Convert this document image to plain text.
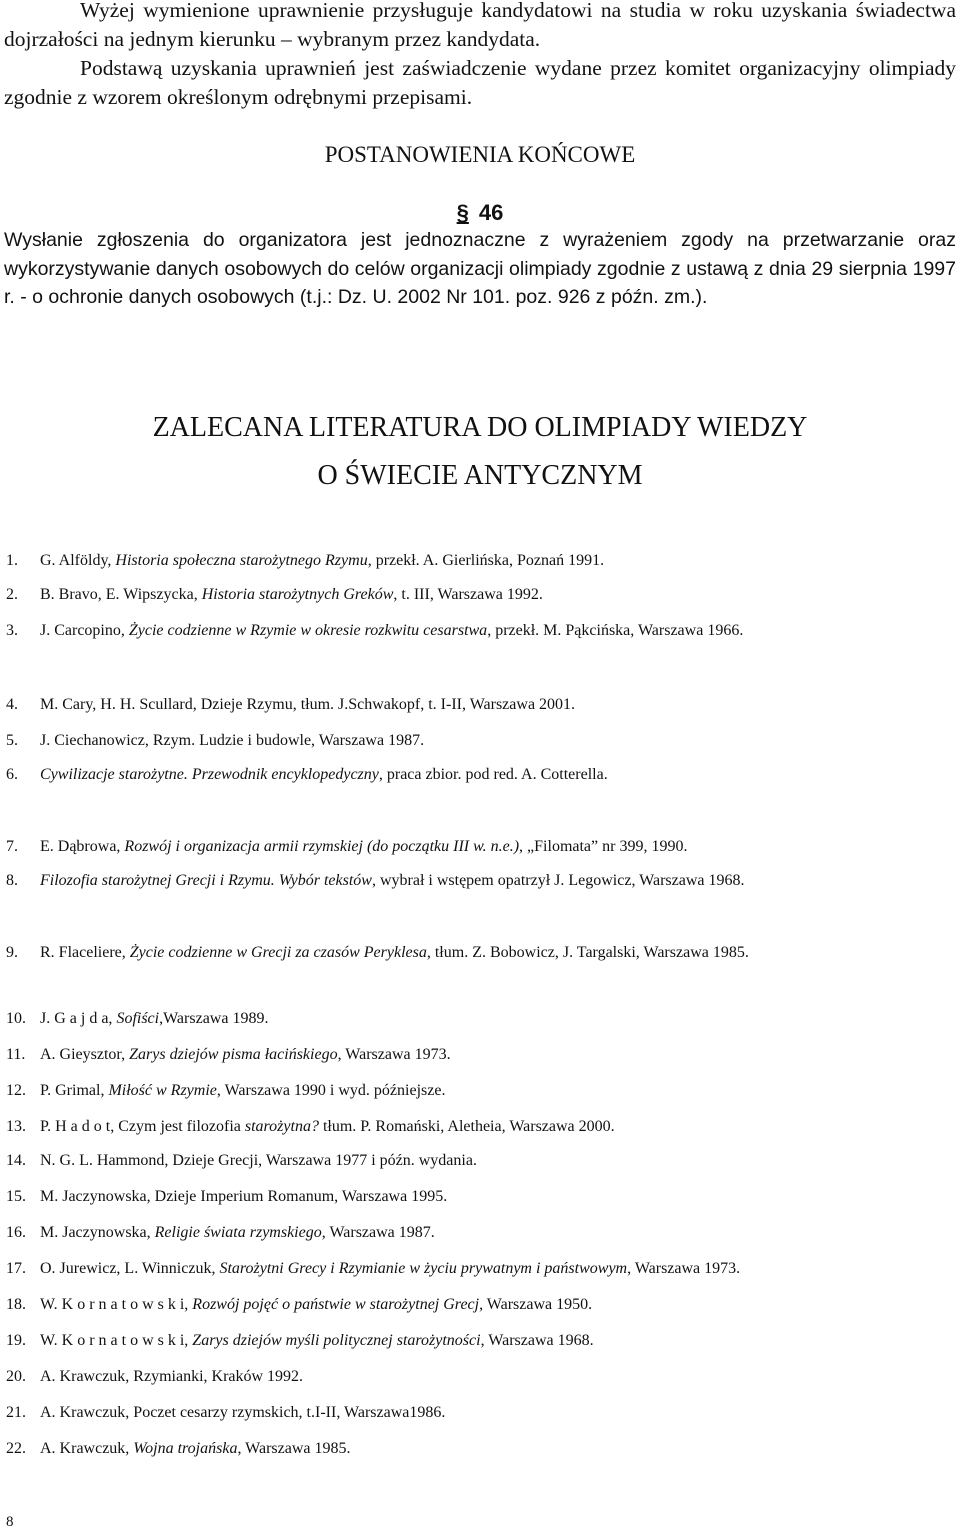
Wyżej wymienione uprawnienie przysługuje kandydatowi na studia w roku uzyskania świadectwa dojrzałości na jednym kierunku – wybranym przez kandydata.

Podstawą uzyskania uprawnień jest zaświadczenie wydane przez komitet organizacyjny olimpiady zgodnie z wzorem określonym odrębnymi przepisami.

POSTANOWIENIA KOŃCOWE
§ 46

Wysłanie zgłoszenia do organizatora jest jednoznaczne z wyrażeniem zgody na przetwarzanie oraz wykorzystywanie danych osobowych do celów organizacji olimpiady zgodnie z ustawą z dnia 29 sierpnia 1997 r. - o ochronie danych osobowych (t.j.: Dz. U. 2002 Nr 101. poz. 926 z późn. zm.).

ZALECANA LITERATURA DO OLIMPIADY WIEDZY
O ŚWIECIE ANTYCZNYM
1.	G. Alföldy, Historia społeczna starożytnego Rzymu, przekł. A. Gierlińska, Poznań 1991.
2.	B. Bravo, E. Wipszycka, Historia starożytnych Greków, t. III, Warszawa 1992.
3.	J. Carcopino, Życie codzienne w Rzymie w okresie rozkwitu cesarstwa, przekł. M. Pąkcińska, Warszawa 1966.
4.	M. Cary, H. H. Scullard, Dzieje Rzymu, tłum. J.Schwakopf, t. I-II, Warszawa 2001.
5.	J. Ciechanowicz, Rzym. Ludzie i budowle, Warszawa 1987.
6.	Cywilizacje starożytne. Przewodnik encyklopedyczny, praca zbior. pod red. A. Cotterella.
7.	E. Dąbrowa, Rozwój i organizacja armii rzymskiej (do początku III w. n.e.), „Filomata” nr 399, 1990.
8.	Filozofia starożytnej Grecji i Rzymu. Wybór tekstów, wybrał i wstępem opatrzył J. Legowicz, Warszawa 1968.
9.	R. Flaceliere, Życie codzienne w Grecji za czasów Peryklesa, tłum. Z. Bobowicz, J. Targalski, Warszawa 1985.
10. J. G a j d a, Sofiści,Warszawa 1989.
11. A. Gieysztor, Zarys dziejów pisma łacińskiego, Warszawa 1973.
12. P. Grimal, Miłość w Rzymie, Warszawa 1990 i wyd. późniejsze.
13. P. H a d o t, Czym jest filozofia starożytna? tłum. P. Romański, Aletheia, Warszawa 2000.
14. N. G. L. Hammond, Dzieje Grecji, Warszawa 1977 i późn. wydania.
15. M. Jaczynowska, Dzieje Imperium Romanum, Warszawa 1995.
16. M. Jaczynowska, Religie świata rzymskiego, Warszawa 1987.
17. O. Jurewicz, L. Winniczuk, Starożytni Grecy i Rzymianie w życiu prywatnym i państwowym, Warszawa 1973.
18. W. K o r n a t o w s k i, Rozwój pojęć o państwie w starożytnej Grecj, Warszawa 1950.
19. W. K o r n a t o w s k i, Zarys dziejów myśli politycznej starożytności, Warszawa 1968.
20. A. Krawczuk, Rzymianki, Kraków 1992.
21. A. Krawczuk, Poczet cesarzy rzymskich, t.I-II, Warszawa1986.
22. A. Krawczuk, Wojna trojańska, Warszawa 1985.
8
